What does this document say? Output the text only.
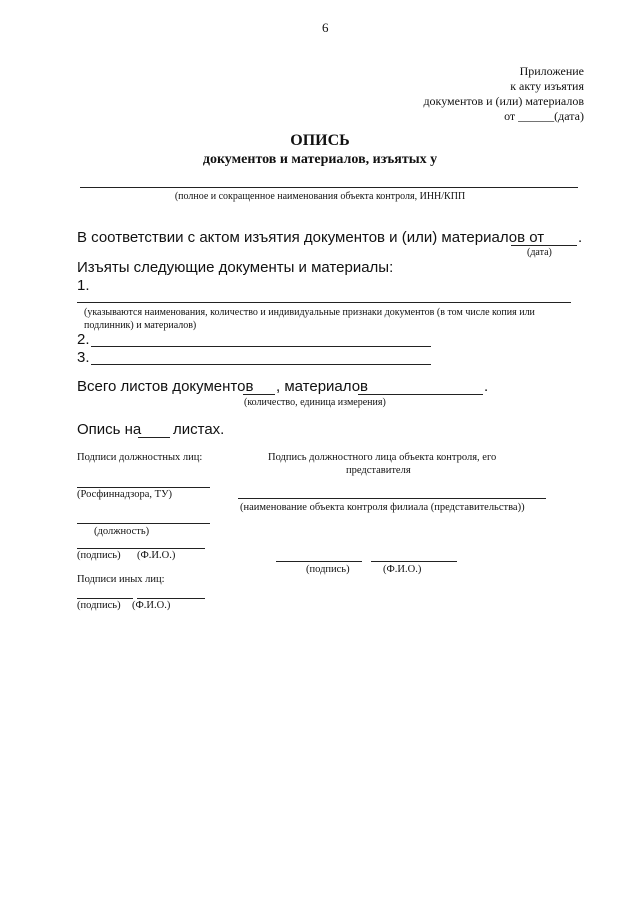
6
Приложение
к акту изъятия
документов и (или) материалов
от ______(дата)
ОПИСЬ
документов и материалов, изъятых у
(полное и сокращенное наименования объекта контроля, ИНН/КПП
В соответствии с актом изъятия документов и (или) материалов от .
(дата)
Изъяты следующие документы и материалы:
1.
(указываются наименования, количество и индивидуальные признаки документов (в том числе копия или подлинник) и материалов)
2.
3.
Всего листов документов , материалов	.
(количество, единица измерения)
Опись на листах.
Подписи должностных лиц:	Подпись должностного лица объекта контроля, его
представителя
(Росфиннадзора, ТУ)
(наименование объекта контроля филиала (представительства))
(должность)
(подпись) (Ф.И.О.)
(подпись)	(Ф.И.О.)
Подписи иных лиц:
(подпись) (Ф.И.О.)
